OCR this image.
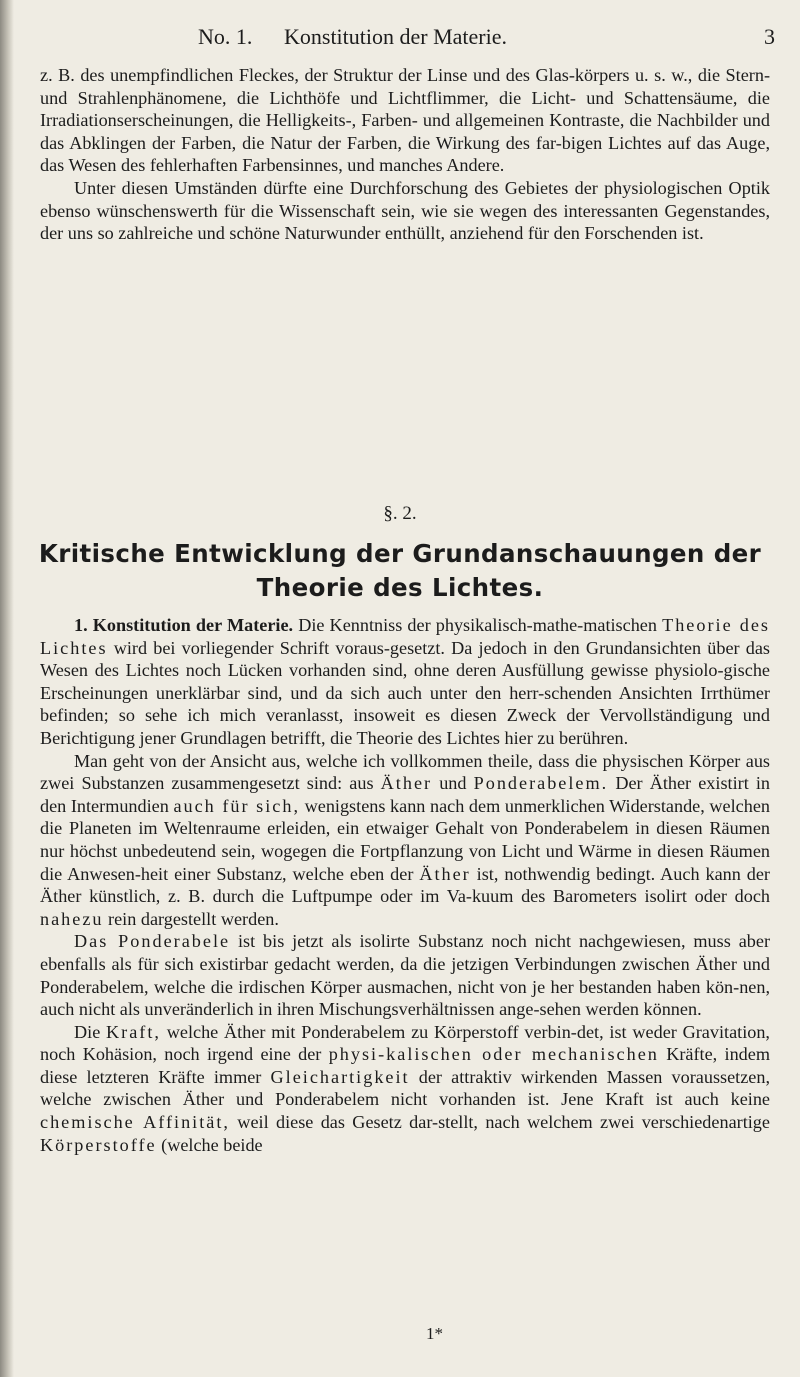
No. 1. Konstitution der Materie.	3

z. B. des unempfindlichen Fleckes, der Struktur der Linse und des Glas-körpers u. s. w., die Stern- und Strahlenphänomene, die Lichthöfe und Lichtflimmer, die Licht- und Schattensäume, die Irradiationserscheinungen, die Helligkeits-, Farben- und allgemeinen Kontraste, die Nachbilder und das Abklingen der Farben, die Natur der Farben, die Wirkung des far-bigen Lichtes auf das Auge, das Wesen des fehlerhaften Farbensinnes, und manches Andere.

Unter diesen Umständen dürfte eine Durchforschung des Gebietes der physiologischen Optik ebenso wünschenswerth für die Wissenschaft sein, wie sie wegen des interessanten Gegenstandes, der uns so zahlreiche und schöne Naturwunder enthüllt, anziehend für den Forschenden ist.

§. 2.
Kritische Entwicklung der Grundanschauungen der
Theorie des Lichtes.

1. Konstitution der Materie. Die Kenntniss der physikalisch-mathe-matischen Theorie des Lichtes wird bei vorliegender Schrift voraus-gesetzt. Da jedoch in den Grundansichten über das Wesen des Lichtes noch Lücken vorhanden sind, ohne deren Ausfüllung gewisse physiolo-gische Erscheinungen unerklärbar sind, und da sich auch unter den herr-schenden Ansichten Irrthümer befinden; so sehe ich mich veranlasst, insoweit es diesen Zweck der Vervollständigung und Berichtigung jener Grundlagen betrifft, die Theorie des Lichtes hier zu berühren.

Man geht von der Ansicht aus, welche ich vollkommen theile, dass die physischen Körper aus zwei Substanzen zusammengesetzt sind: aus Äther und Ponderabelem. Der Äther existirt in den Intermundien auch für sich, wenigstens kann nach dem unmerklichen Widerstande, welchen die Planeten im Weltenraume erleiden, ein etwaiger Gehalt von Ponderabelem in diesen Räumen nur höchst unbedeutend sein, wogegen die Fortpflanzung von Licht und Wärme in diesen Räumen die Anwesen-heit einer Substanz, welche eben der Äther ist, nothwendig bedingt. Auch kann der Äther künstlich, z. B. durch die Luftpumpe oder im Va-kuum des Barometers isolirt oder doch nahezu rein dargestellt werden.

Das Ponderabele ist bis jetzt als isolirte Substanz noch nicht nachgewiesen, muss aber ebenfalls als für sich existirbar gedacht werden, da die jetzigen Verbindungen zwischen Äther und Ponderabelem, welche die irdischen Körper ausmachen, nicht von je her bestanden haben kön-nen, auch nicht als unveränderlich in ihren Mischungsverhältnissen ange-sehen werden können.

Die Kraft, welche Äther mit Ponderabelem zu Körperstoff verbin-det, ist weder Gravitation, noch Kohäsion, noch irgend eine der physi-kalischen oder mechanischen Kräfte, indem diese letzteren Kräfte immer Gleichartigkeit der attraktiv wirkenden Massen voraussetzen, welche zwischen Äther und Ponderabelem nicht vorhanden ist. Jene Kraft ist auch keine chemische Affinität, weil diese das Gesetz dar-stellt, nach welchem zwei verschiedenartige Körperstoffe (welche beide

1*
